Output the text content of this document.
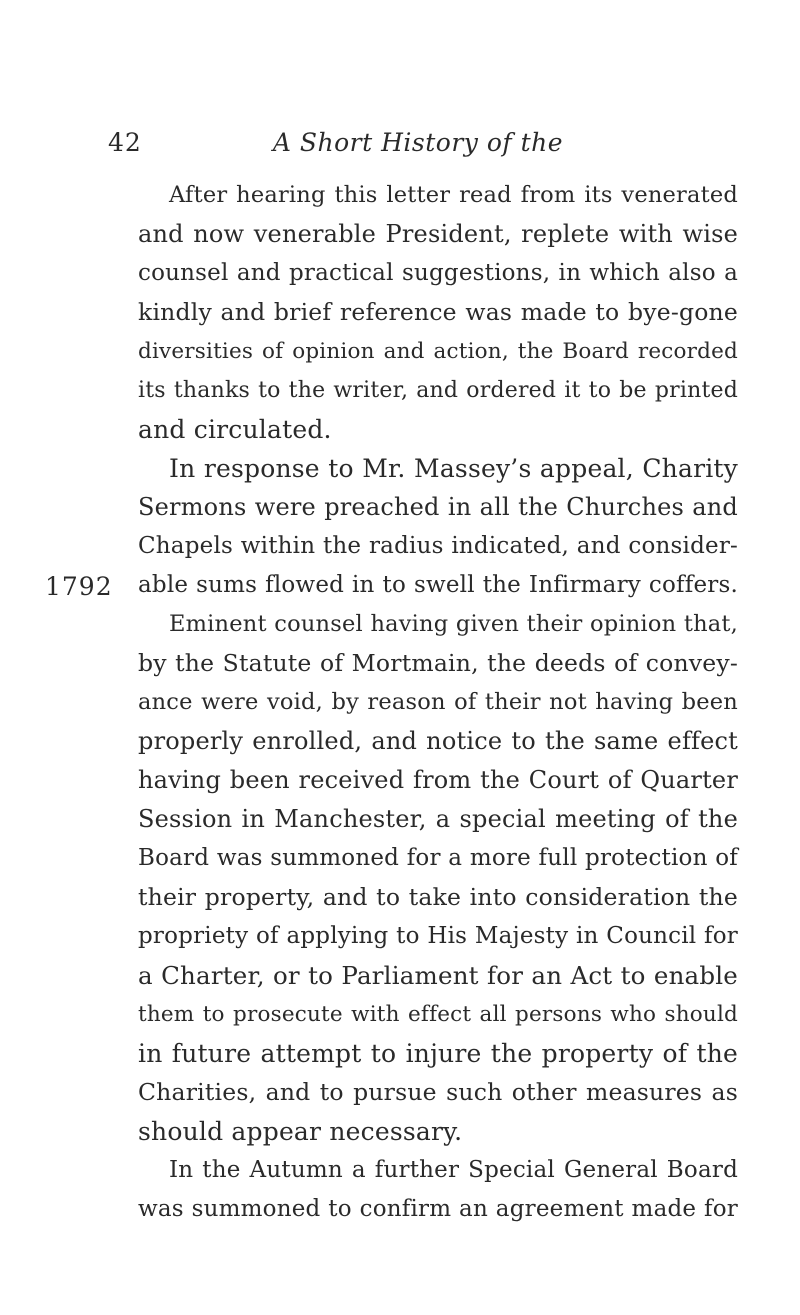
42	A Short History of the
1792
After hearing this letter read from its venerated
and now venerable President, replete with wise
counsel and practical suggestions, in which also a
kindly and brief reference was made to bye-gone
diversities of opinion and action, the Board recorded
its thanks to the writer, and ordered it to be printed
and circulated.
In response to Mr. Massey’s appeal, Charity
Sermons were preached in all the Churches and
Chapels within the radius indicated, and consider-
able sums flowed in to swell the Infirmary coffers.
Eminent counsel having given their opinion that,
by the Statute of Mortmain, the deeds of convey-
ance were void, by reason of their not having been
properly enrolled, and notice to the same effect
having been received from the Court of Quarter
Session in Manchester, a special meeting of the
Board was summoned for a more full protection of
their property, and to take into consideration the
propriety of applying to His Majesty in Council for
a Charter, or to Parliament for an Act to enable
them to prosecute with effect all persons who should
in future attempt to injure the property of the
Charities, and to pursue such other measures as
should appear necessary.
In the Autumn a further Special General Board
was summoned to confirm an agreement made for
